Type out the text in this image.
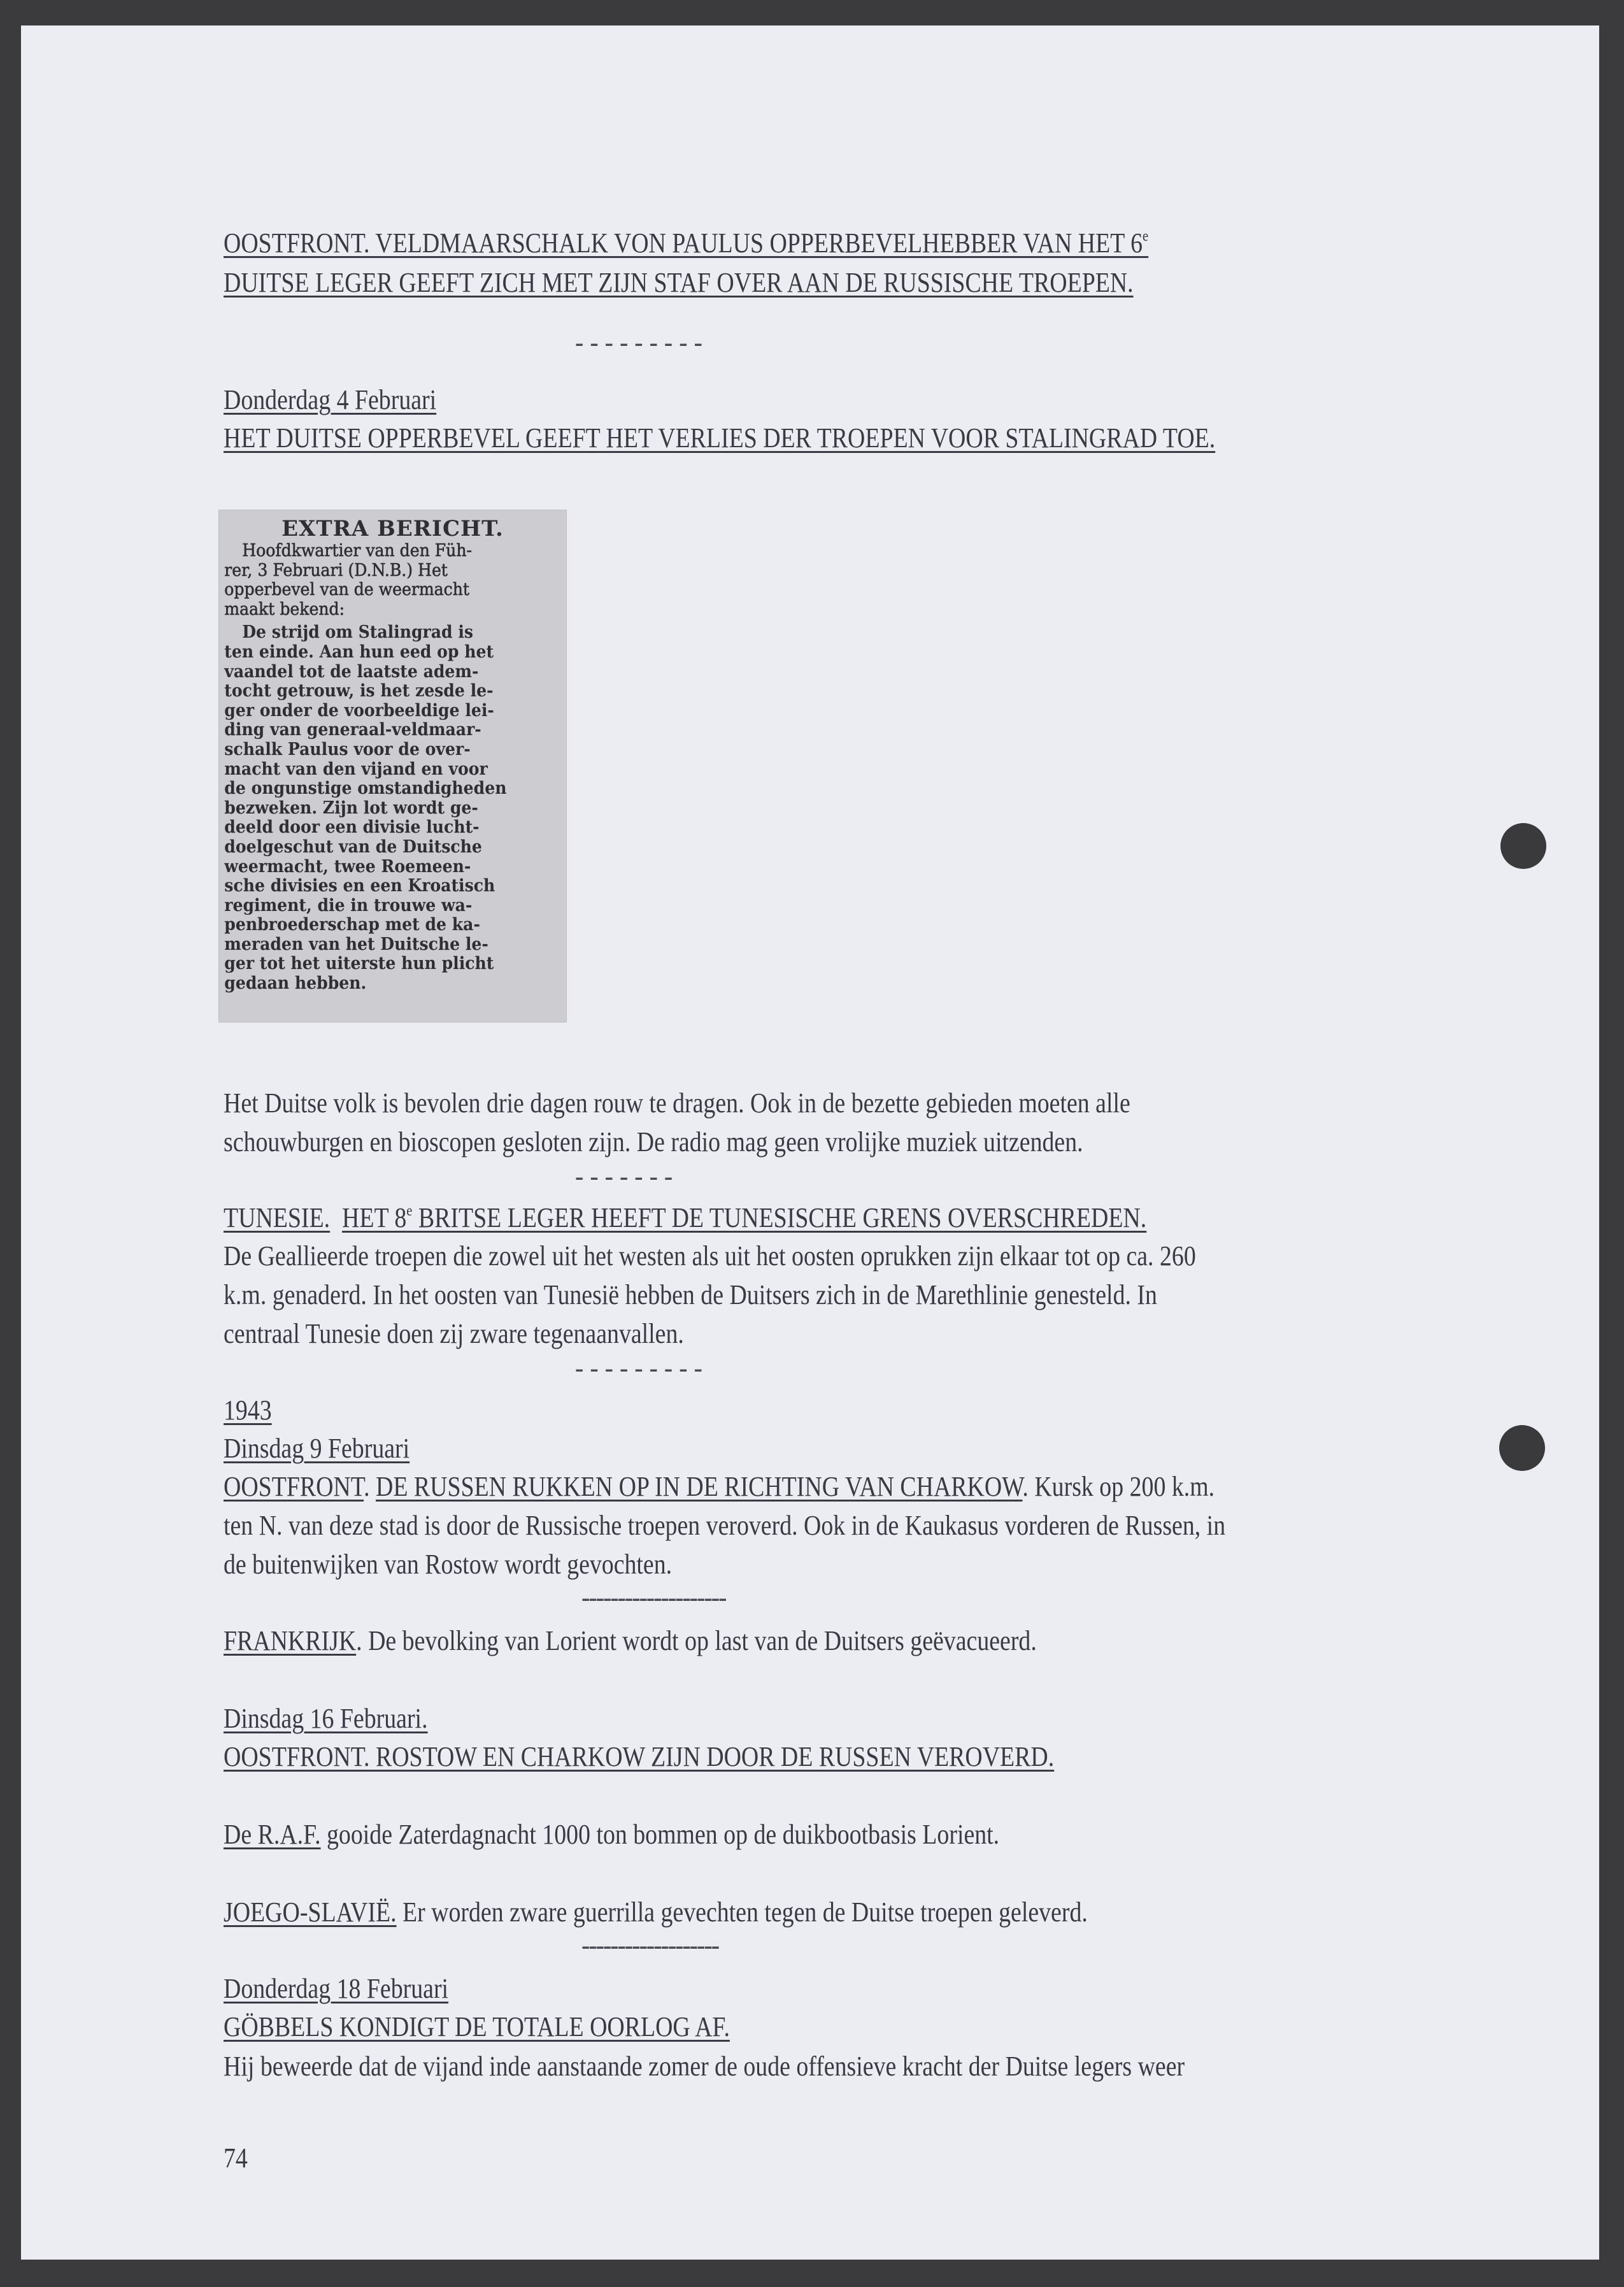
OOSTFRONT. VELDMAARSCHALK VON PAULUS OPPERBEVELHEBBER VAN HET 6e
DUITSE LEGER GEEFT ZICH MET ZIJN STAF OVER AAN DE RUSSISCHE TROEPEN.
- - - - - - - - -
Donderdag 4 Februari
HET DUITSE OPPERBEVEL GEEFT HET VERLIES DER TROEPEN VOOR STALINGRAD TOE.
EXTRA BERICHT.
Hoofdkwartier van den Füh-
rer, 3 Februari (D.N.B.) Het
opperbevel van de weermacht
maakt bekend:
De strijd om Stalingrad is
ten einde. Aan hun eed op het
vaandel tot de laatste adem-
tocht getrouw, is het zesde le-
ger onder de voorbeeldige lei-
ding van generaal-veldmaar-
schalk Paulus voor de over-
macht van den vijand en voor
de ongunstige omstandigheden
bezweken. Zijn lot wordt ge-
deeld door een divisie lucht-
doelgeschut van de Duitsche
weermacht, twee Roemeen-
sche divisies en een Kroatisch
regiment, die in trouwe wa-
penbroederschap met de ka-
meraden van het Duitsche le-
ger tot het uiterste hun plicht
gedaan hebben.
Het Duitse volk is bevolen drie dagen rouw te dragen. Ook in de bezette gebieden moeten alle
schouwburgen en bioscopen gesloten zijn. De radio mag geen vrolijke muziek uitzenden.
- - - - - - -
TUNESIE. HET 8e BRITSE LEGER HEEFT DE TUNESISCHE GRENS OVERSCHREDEN.
De Geallieerde troepen die zowel uit het westen als uit het oosten oprukken zijn elkaar tot op ca. 260
k.m. genaderd. In het oosten van Tunesië hebben de Duitsers zich in de Marethlinie genesteld. In
centraal Tunesie doen zij zware tegenaanvallen.
- - - - - - - - -
1943
Dinsdag 9 Februari
OOSTFRONT. DE RUSSEN RUKKEN OP IN DE RICHTING VAN CHARKOW. Kursk op 200 k.m.
ten N. van deze stad is door de Russische troepen veroverd. Ook in de Kaukasus vorderen de Russen, in
de buitenwijken van Rostow wordt gevochten.
--------------------
FRANKRIJK. De bevolking van Lorient wordt op last van de Duitsers geëvacueerd.
Dinsdag 16 Februari.
OOSTFRONT. ROSTOW EN CHARKOW ZIJN DOOR DE RUSSEN VEROVERD.
De R.A.F. gooide Zaterdagnacht 1000 ton bommen op de duikbootbasis Lorient.
JOEGO-SLAVIË. Er worden zware guerrilla gevechten tegen de Duitse troepen geleverd.
-------------------
Donderdag 18 Februari
GÖBBELS KONDIGT DE TOTALE OORLOG AF.
Hij beweerde dat de vijand inde aanstaande zomer de oude offensieve kracht der Duitse legers weer
74
